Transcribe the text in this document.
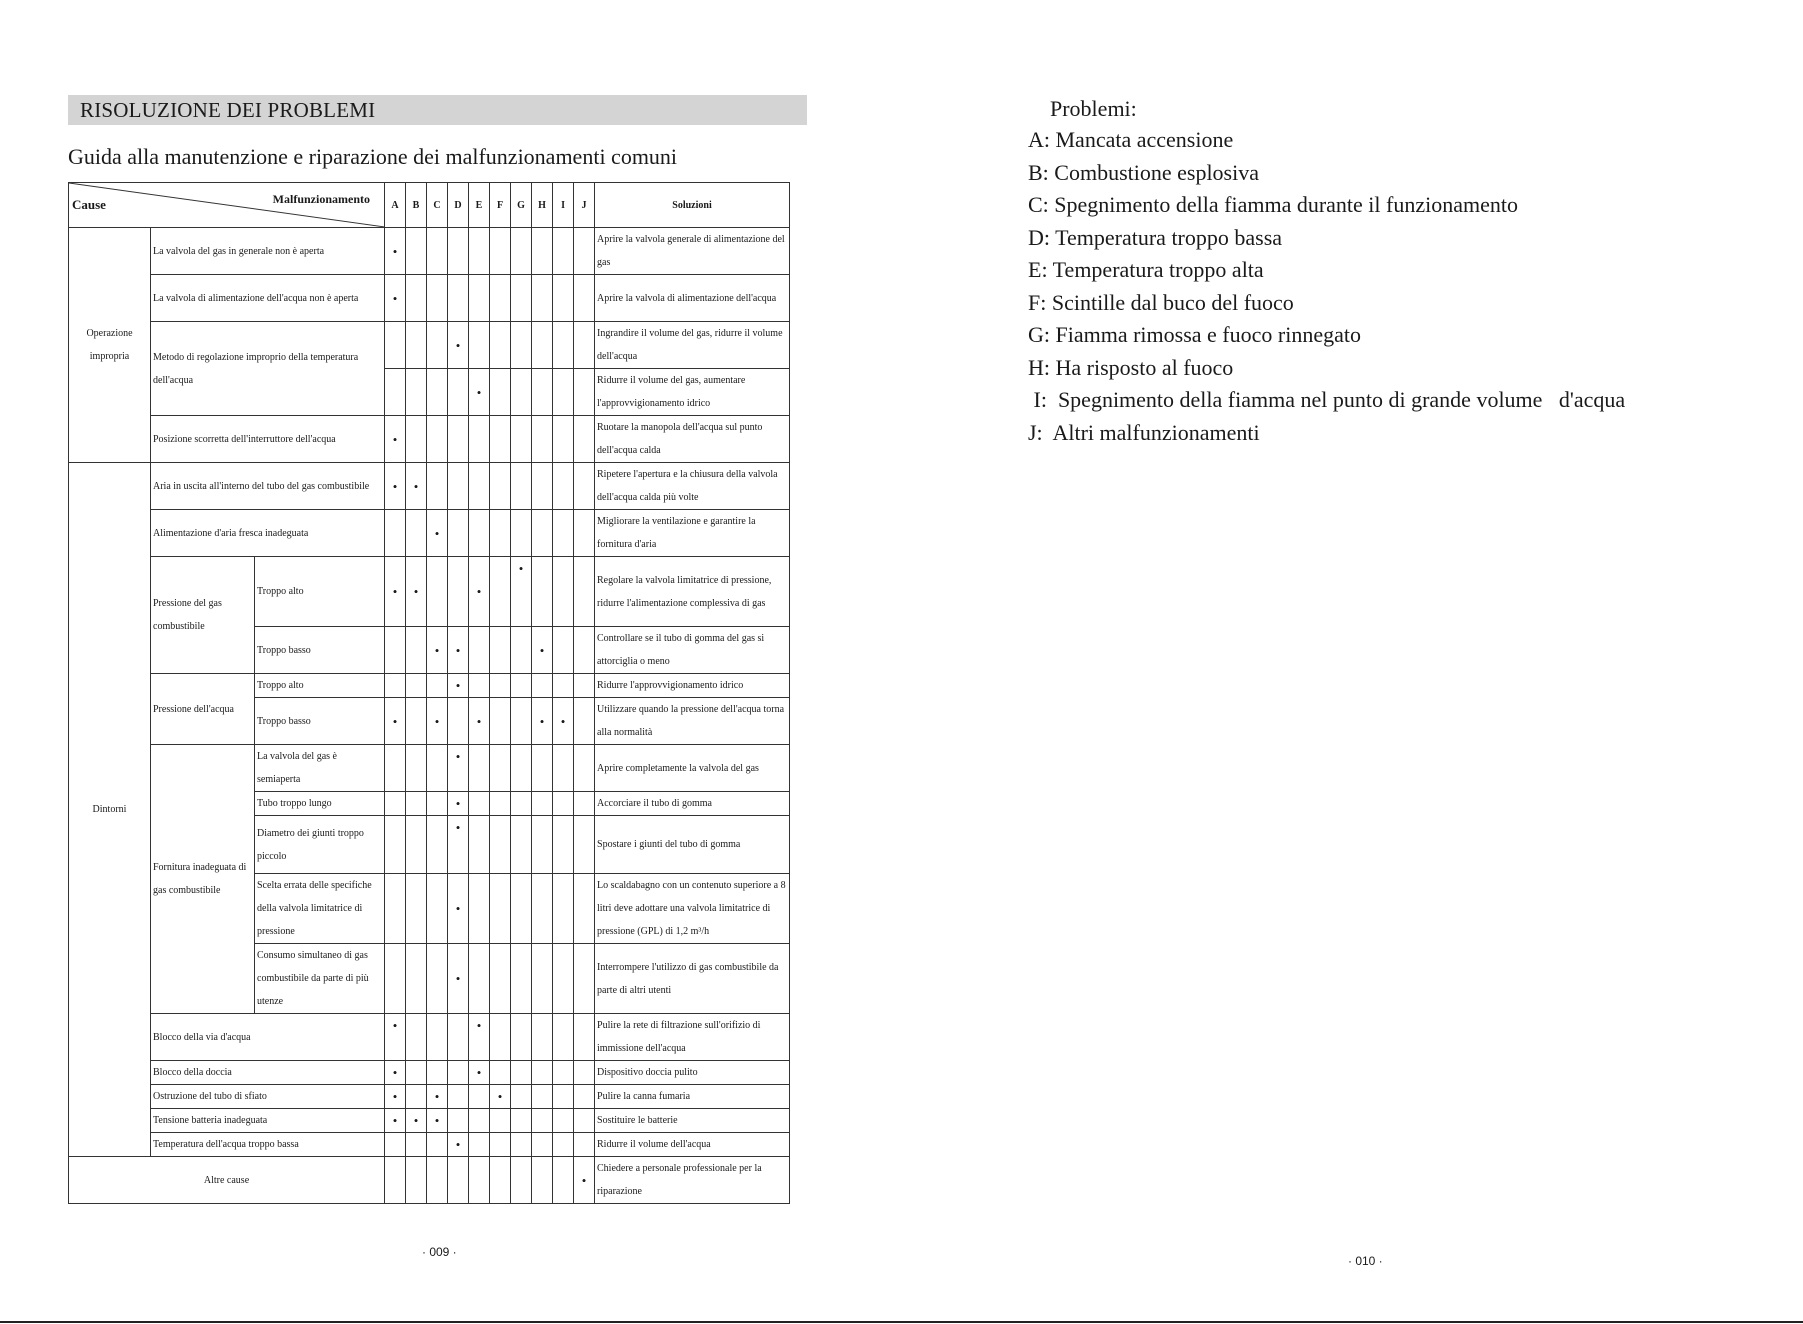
RISOLUZIONE DEI PROBLEMI
Guida alla manutenzione e riparazione dei malfunzionamenti comuni
Cause Malfunzionamento			A	B	C	D	E	F	G	H	I	J	Soluzioni
Operazione impropria	La valvola del gas in generale non è aperta		•										Aprire la valvola generale di alimentazione del gas
	La valvola di alimentazione dell'acqua non è aperta		•										Aprire la valvola di alimentazione dell'acqua
	Metodo di regolazione improprio della temperatura dell'acqua					•							Ingrandire il volume del gas, ridurre il volume dell'acqua
							•						Ridurre il volume del gas, aumentare l'approvvigionamento idrico
	Posizione scorretta dell'interruttore dell'acqua		•										Ruotare la manopola dell'acqua sul punto dell'acqua calda
Dintorni	Aria in uscita all'interno del tubo del gas combustibile		•	•									Ripetere l'apertura e la chiusura della valvola dell'acqua calda più volte
	Alimentazione d'aria fresca inadeguata				•								Migliorare la ventilazione e garantire la fornitura d'aria
	Pressione del gas combustibile	Troppo alto	•	•			•		•				Regolare la valvola limitatrice di pressione, ridurre l'alimentazione complessiva di gas
		Troppo basso			•	•				•			Controllare se il tubo di gomma del gas si attorciglia o meno
	Pressione dell'acqua	Troppo alto				•							Ridurre l'approvvigionamento idrico
		Troppo basso	•		•		•			•	•		Utilizzare quando la pressione dell'acqua torna alla normalità
	Fornitura inadeguata di gas combustibile	La valvola del gas è semiaperta				•							Aprire completamente la valvola del gas
		Tubo troppo lungo				•							Accorciare il tubo di gomma
		Diametro dei giunti troppo piccolo				•							Spostare i giunti del tubo di gomma
		Scelta errata delle specifiche della valvola limitatrice di pressione				•							Lo scaldabagno con un contenuto superiore a 8 litri deve adottare una valvola limitatrice di pressione (GPL) di 1,2 m³/h
		Consumo simultaneo di gas combustibile da parte di più utenze				•							Interrompere l'utilizzo di gas combustibile da parte di altri utenti
	Blocco della via d'acqua		•				•						Pulire la rete di filtrazione sull'orifizio di immissione dell'acqua
	Blocco della doccia		•				•						Dispositivo doccia pulito
	Ostruzione del tubo di sfiato		•		•			•					Pulire la canna fumaria
	Tensione batteria inadeguata		•	•	•								Sostituire le batterie
	Temperatura dell'acqua troppo bassa					•							Ridurre il volume dell'acqua
Altre cause												•	Chiedere a personale professionale per la riparazione
· 009 ·
Problemi:
A: Mancata accensione
B: Combustione esplosiva
C: Spegnimento della fiamma durante il funzionamento
D: Temperatura troppo bassa
E: Temperatura troppo alta
F: Scintille dal buco del fuoco
G: Fiamma rimossa e fuoco rinnegato
H: Ha risposto al fuoco
I:  Spegnimento della fiamma nel punto di grande volume   d'acqua
J:  Altri malfunzionamenti
· 010 ·
